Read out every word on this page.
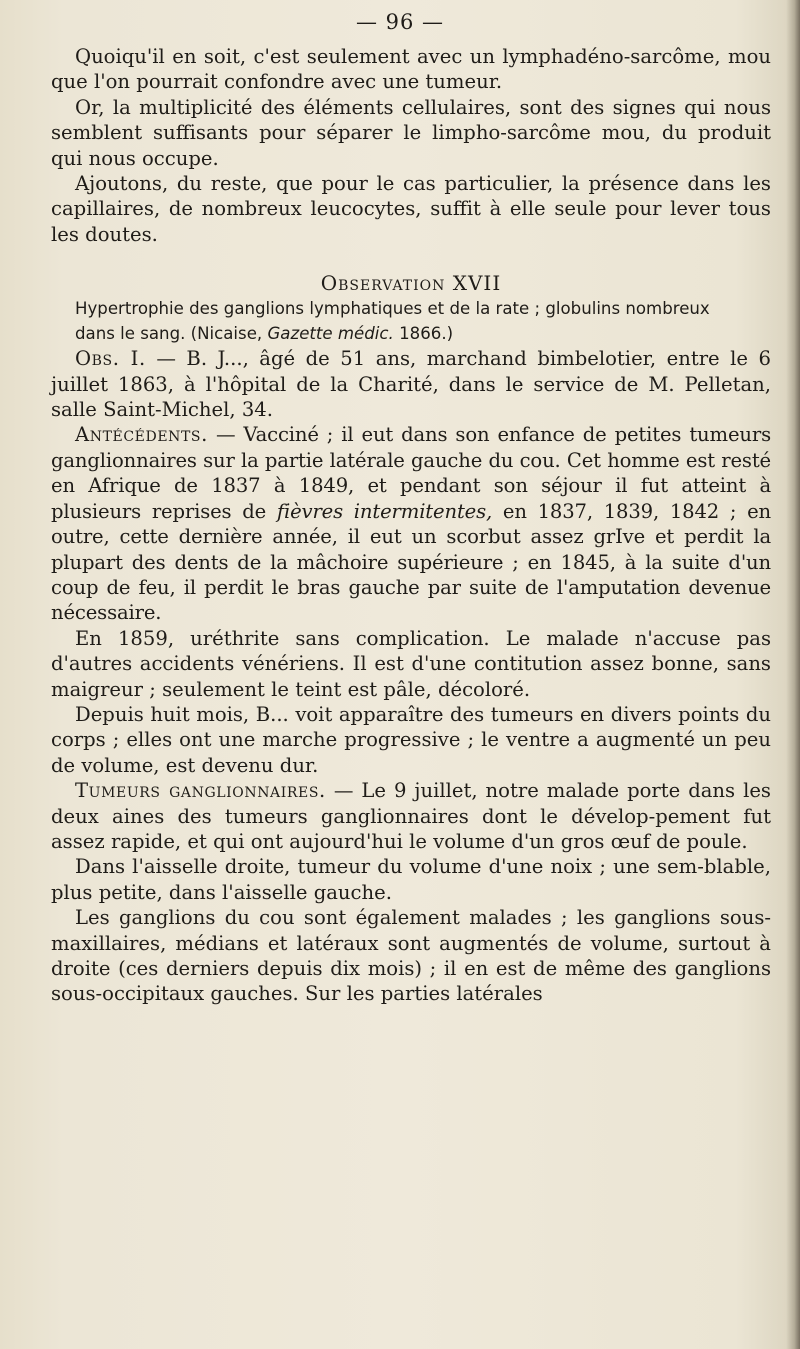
— 96 —

Quoiqu'il en soit, c'est seulement avec un lymphadéno-sarcôme, mou que l'on pourrait confondre avec une tumeur.

Or, la multiplicité des éléments cellulaires, sont des signes qui nous semblent suffisants pour séparer le limpho-sarcôme mou, du produit qui nous occupe.

Ajoutons, du reste, que pour le cas particulier, la présence dans les capillaires, de nombreux leucocytes, suffit à elle seule pour lever tous les doutes.

Observation XVII

Hypertrophie des ganglions lymphatiques et de la rate ; globulins nombreux

dans le sang. (Nicaise, Gazette médic. 1866.)

Obs. I. — B. J..., âgé de 51 ans, marchand bimbelotier, entre le 6 juillet 1863, à l'hôpital de la Charité, dans le service de M. Pelletan, salle Saint-Michel, 34.

Antécédents. — Vacciné ; il eut dans son enfance de petites tumeurs ganglionnaires sur la partie latérale gauche du cou. Cet homme est resté en Afrique de 1837 à 1849, et pendant son séjour il fut atteint à plusieurs reprises de fièvres intermitentes, en 1837, 1839, 1842 ; en outre, cette dernière année, il eut un scorbut assez grIve et perdit la plupart des dents de la mâchoire supérieure ; en 1845, à la suite d'un coup de feu, il perdit le bras gauche par suite de l'amputation devenue nécessaire.

En 1859, uréthrite sans complication. Le malade n'accuse pas d'autres accidents vénériens. Il est d'une contitution assez bonne, sans maigreur ; seulement le teint est pâle, décoloré.

Depuis huit mois, B... voit apparaître des tumeurs en divers points du corps ; elles ont une marche progressive ; le ventre a augmenté un peu de volume, est devenu dur.

Tumeurs ganglionnaires. — Le 9 juillet, notre malade porte dans les deux aines des tumeurs ganglionnaires dont le dévelop-pement fut assez rapide, et qui ont aujourd'hui le volume d'un gros œuf de poule.

Dans l'aisselle droite, tumeur du volume d'une noix ; une sem-blable, plus petite, dans l'aisselle gauche.

Les ganglions du cou sont également malades ; les ganglions sous-maxillaires, médians et latéraux sont augmentés de volume, surtout à droite (ces derniers depuis dix mois) ; il en est de même des ganglions sous-occipitaux gauches. Sur les parties latérales
